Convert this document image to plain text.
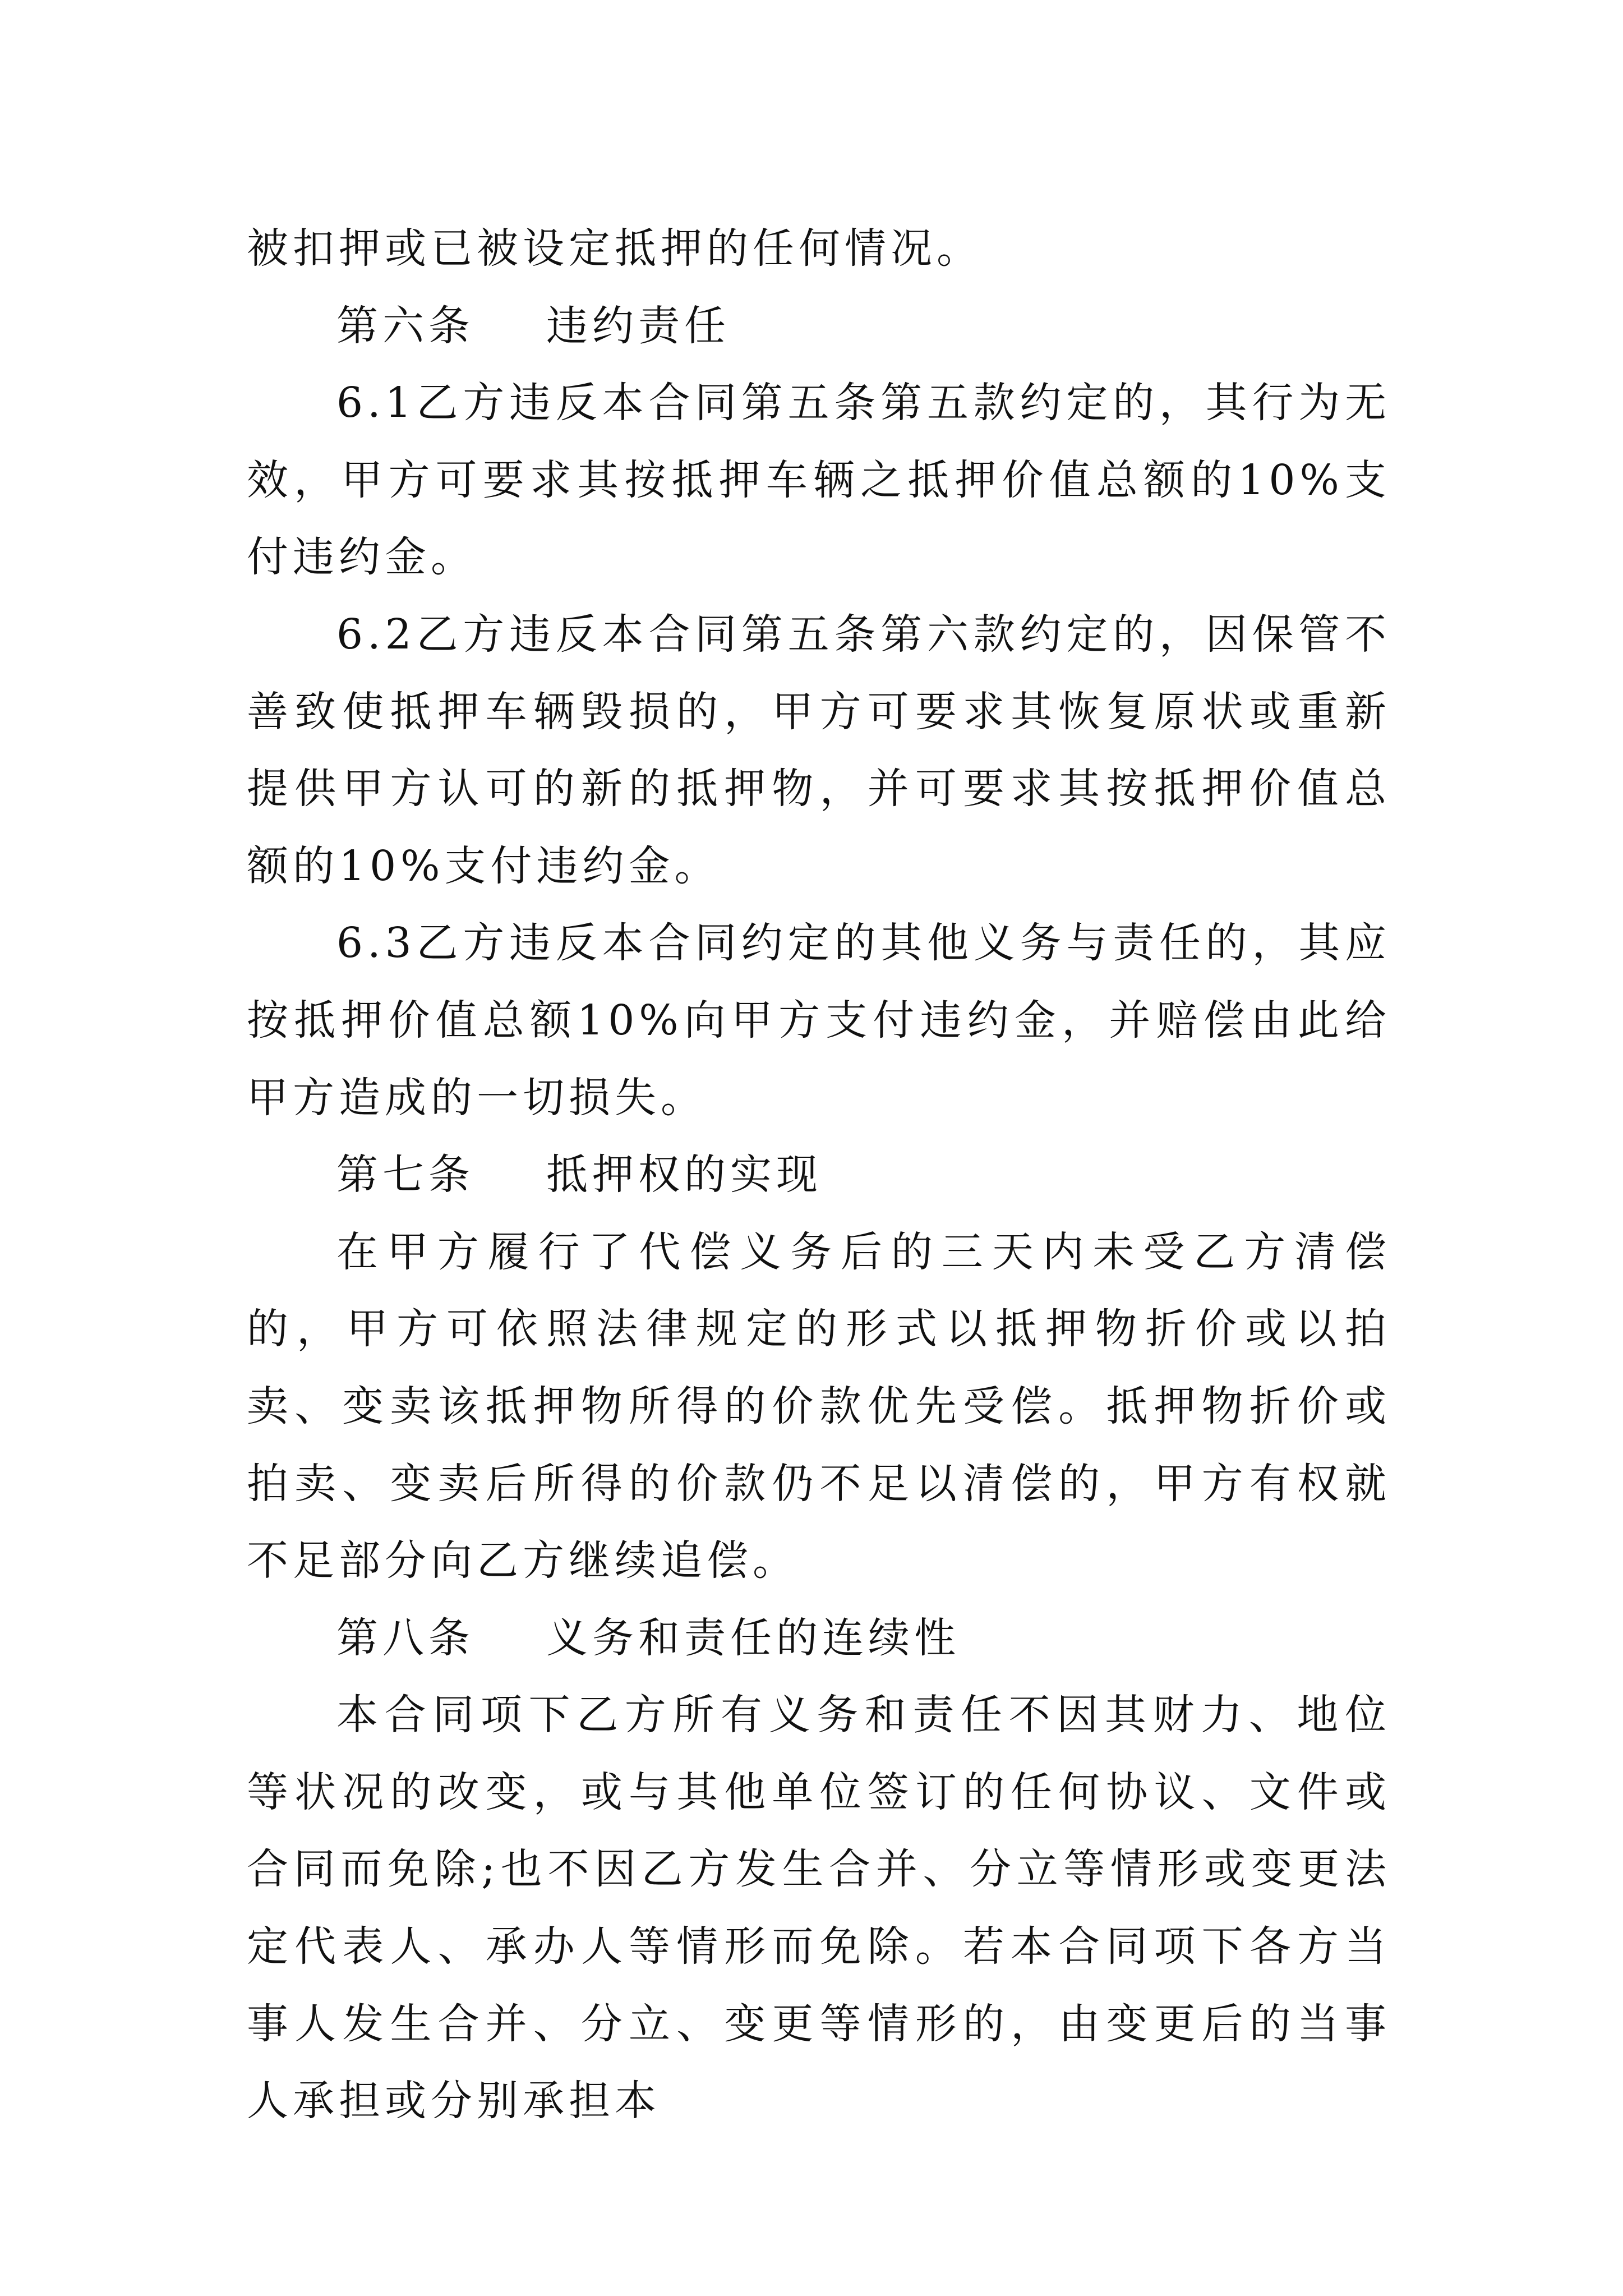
被扣押或已被设定抵押的任何情况。

第六条 违约责任

6.1乙方违反本合同第五条第五款约定的，其行为无效，甲方可要求其按抵押车辆之抵押价值总额的10%支付违约金。

6.2乙方违反本合同第五条第六款约定的，因保管不善致使抵押车辆毁损的，甲方可要求其恢复原状或重新提供甲方认可的新的抵押物，并可要求其按抵押价值总额的10%支付违约金。

6.3乙方违反本合同约定的其他义务与责任的，其应按抵押价值总额10%向甲方支付违约金，并赔偿由此给甲方造成的一切损失。

第七条 抵押权的实现

在甲方履行了代偿义务后的三天内未受乙方清偿的，甲方可依照法律规定的形式以抵押物折价或以拍卖、变卖该抵押物所得的价款优先受偿。抵押物折价或拍卖、变卖后所得的价款仍不足以清偿的，甲方有权就不足部分向乙方继续追偿。

第八条 义务和责任的连续性

本合同项下乙方所有义务和责任不因其财力、地位等状况的改变，或与其他单位签订的任何协议、文件或合同而免除;也不因乙方发生合并、分立等情形或变更法定代表人、承办人等情形而免除。若本合同项下各方当事人发生合并、分立、变更等情形的，由变更后的当事人承担或分别承担本
